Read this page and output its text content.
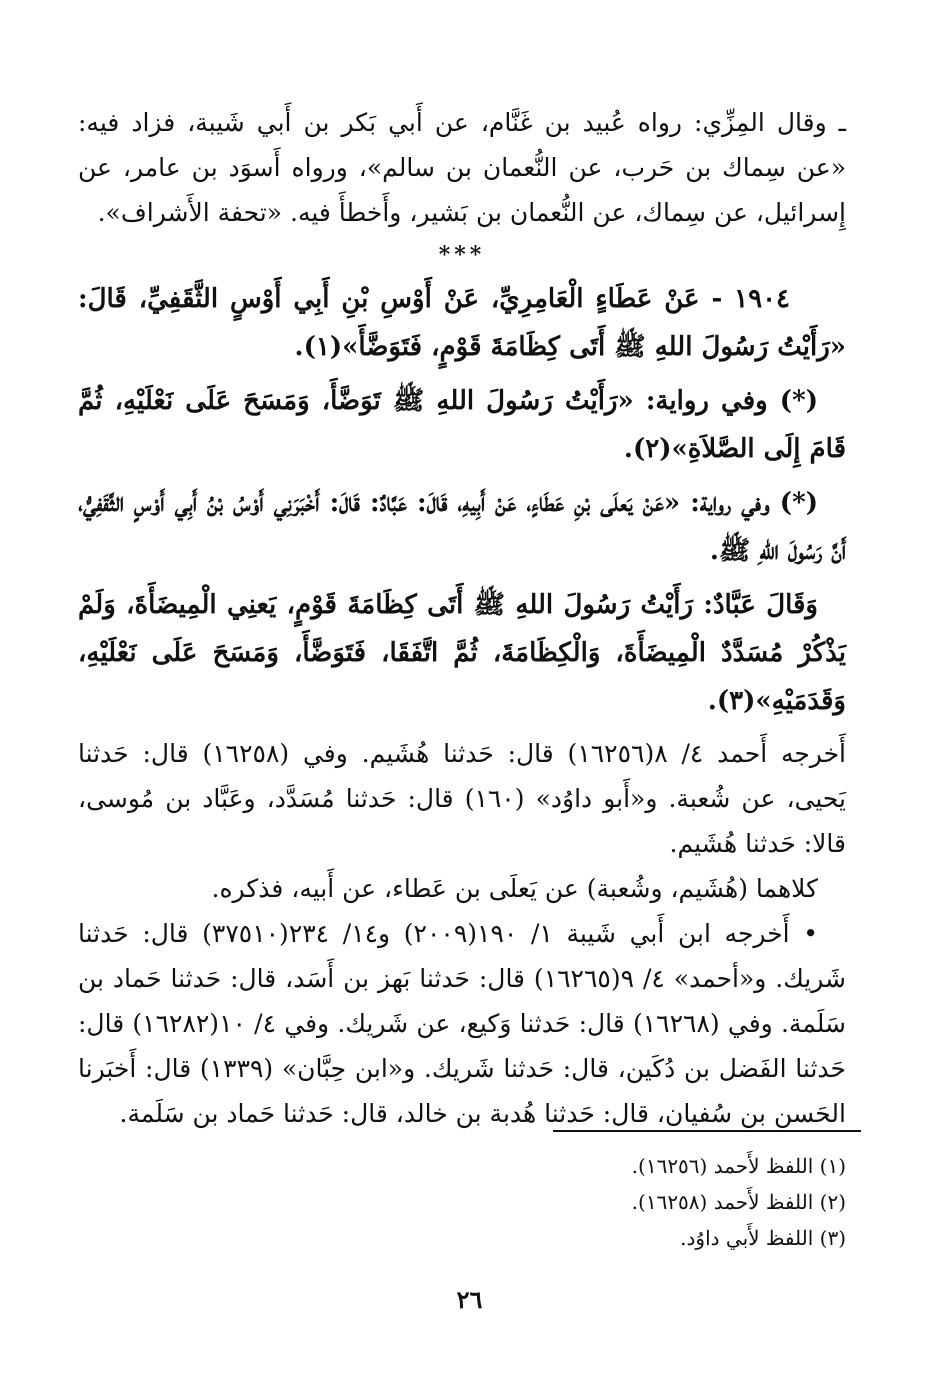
ـ وقال المِزِّي: رواه عُبيد بن غَنَّام، عن أَبي بَكر بن أَبي شَيبة، فزاد فيه: «عن سِماك بن حَرب، عن النُّعمان بن سالم»، ورواه أَسوَد بن عامر، عن إِسرائيل، عن سِماك، عن النُّعمان بن بَشير، وأَخطأَ فيه. «تحفة الأَشراف».

***

١٩٠٤ - عَنْ عَطَاءٍ الْعَامِرِيِّ، عَنْ أَوْسِ بْنِ أَبِي أَوْسٍ الثَّقَفِيِّ، قَالَ: «رَأَيْتُ رَسُولَ اللهِ ﷺ أَتَى كِظَامَةَ قَوْمٍ، فَتَوَضَّأَ»(١).

(*) وفي رواية: «رَأَيْتُ رَسُولَ اللهِ ﷺ تَوَضَّأَ، وَمَسَحَ عَلَى نَعْلَيْهِ، ثُمَّ قَامَ إِلَى الصَّلاَةِ»(٢).

(*) وفي رواية: «عَنْ يَعلَى بْنِ عَطَاءٍ، عَنْ أَبِيهِ، قَالَ: عَبَّادٌ: قَالَ: أَخْبَرَنِي أَوْسُ بْنُ أَبِي أَوْسٍ الثَّقَفِيُّ، أَنَّ رَسُولَ اللهِ ﷺ.

وَقَالَ عَبَّادٌ: رَأَيْتُ رَسُولَ اللهِ ﷺ أَتَى كِظَامَةَ قَوْمٍ، يَعنِي الْمِيضَأَةَ، وَلَمْ يَذْكُرْ مُسَدَّدٌ الْمِيضَأَةَ، وَالْكِظَامَةَ، ثُمَّ اتَّفَقَا، فَتَوَضَّأَ، وَمَسَحَ عَلَى نَعْلَيْهِ، وَقَدَمَيْهِ»(٣).

أَخرجه أَحمد ٤/ ٨(١٦٢٥٦) قال: حَدثنا هُشَيم. وفي (١٦٢٥٨) قال: حَدثنا يَحيى، عن شُعبة. و«أَبو داوُد» (١٦٠) قال: حَدثنا مُسَدَّد، وعَبَّاد بن مُوسى، قالا: حَدثنا هُشَيم.

كلاهما (هُشَيم، وشُعبة) عن يَعلَى بن عَطاء، عن أَبيه، فذكره.

• أَخرجه ابن أَبي شَيبة ١/ ١٩٠(٢٠٠٩) و١٤/ ٢٣٤(٣٧٥١٠) قال: حَدثنا شَريك. و«أحمد» ٤/ ٩(١٦٢٦٥) قال: حَدثنا بَهز بن أَسَد، قال: حَدثنا حَماد بن سَلَمة. وفي (١٦٢٦٨) قال: حَدثنا وَكيع، عن شَريك. وفي ٤/ ١٠(١٦٢٨٢) قال: حَدثنا الفَضل بن دُكَين، قال: حَدثنا شَريك. و«ابن حِبَّان» (١٣٣٩) قال: أَخبَرنا الحَسن بن سُفيان، قال: حَدثنا هُدبة بن خالد، قال: حَدثنا حَماد بن سَلَمة.

(١) اللفظ لأَحمد (١٦٢٥٦).
(٢) اللفظ لأَحمد (١٦٢٥٨).
(٣) اللفظ لأَبي داوُد.
٢٦
